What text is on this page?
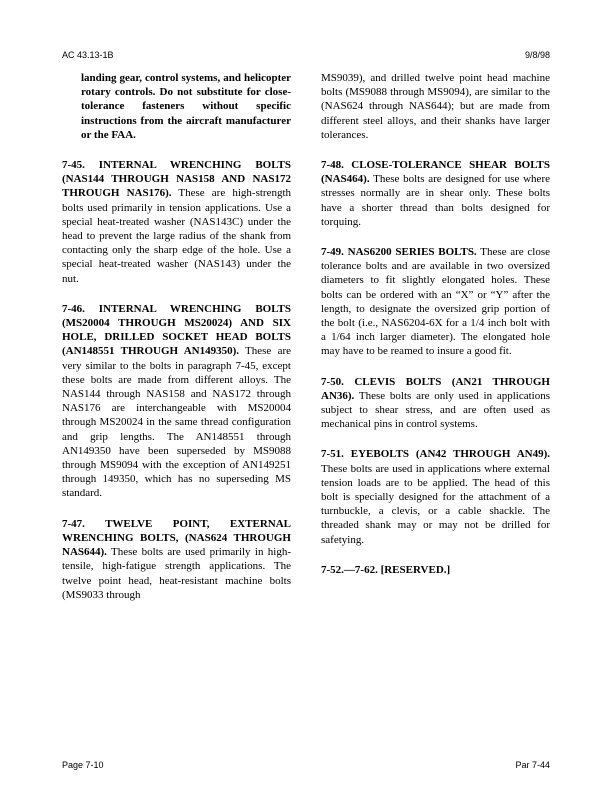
AC 43.13-1B	9/8/98

landing gear, control systems, and helicopter rotary controls. Do not substitute for close-tolerance fasteners without specific instructions from the aircraft manufacturer or the FAA.

7-45. INTERNAL WRENCHING BOLTS (NAS144 THROUGH NAS158 AND NAS172 THROUGH NAS176). These are high-strength bolts used primarily in tension applications. Use a special heat-treated washer (NAS143C) under the head to prevent the large radius of the shank from contacting only the sharp edge of the hole. Use a special heat-treated washer (NAS143) under the nut.

7-46. INTERNAL WRENCHING BOLTS (MS20004 THROUGH MS20024) AND SIX HOLE, DRILLED SOCKET HEAD BOLTS (AN148551 THROUGH AN149350). These are very similar to the bolts in paragraph 7-45, except these bolts are made from different alloys. The NAS144 through NAS158 and NAS172 through NAS176 are interchangeable with MS20004 through MS20024 in the same thread configuration and grip lengths. The AN148551 through AN149350 have been superseded by MS9088 through MS9094 with the exception of AN149251 through 149350, which has no superseding MS standard.

7-47. TWELVE POINT, EXTERNAL WRENCHING BOLTS, (NAS624 THROUGH NAS644). These bolts are used primarily in high-tensile, high-fatigue strength applications. The twelve point head, heat-resistant machine bolts (MS9033 through

MS9039), and drilled twelve point head machine bolts (MS9088 through MS9094), are similar to the (NAS624 through NAS644); but are made from different steel alloys, and their shanks have larger tolerances.

7-48. CLOSE-TOLERANCE SHEAR BOLTS (NAS464). These bolts are designed for use where stresses normally are in shear only. These bolts have a shorter thread than bolts designed for torquing.

7-49. NAS6200 SERIES BOLTS. These are close tolerance bolts and are available in two oversized diameters to fit slightly elongated holes. These bolts can be ordered with an “X” or “Y” after the length, to designate the oversized grip portion of the bolt (i.e., NAS6204-6X for a 1/4 inch bolt with a 1/64 inch larger diameter). The elongated hole may have to be reamed to insure a good fit.

7-50. CLEVIS BOLTS (AN21 THROUGH AN36). These bolts are only used in applications subject to shear stress, and are often used as mechanical pins in control systems.

7-51. EYEBOLTS (AN42 THROUGH AN49). These bolts are used in applications where external tension loads are to be applied. The head of this bolt is specially designed for the attachment of a turnbuckle, a clevis, or a cable shackle. The threaded shank may or may not be drilled for safetying.

7-52.—7-62. [RESERVED.]

Page 7-10	Par 7-44
